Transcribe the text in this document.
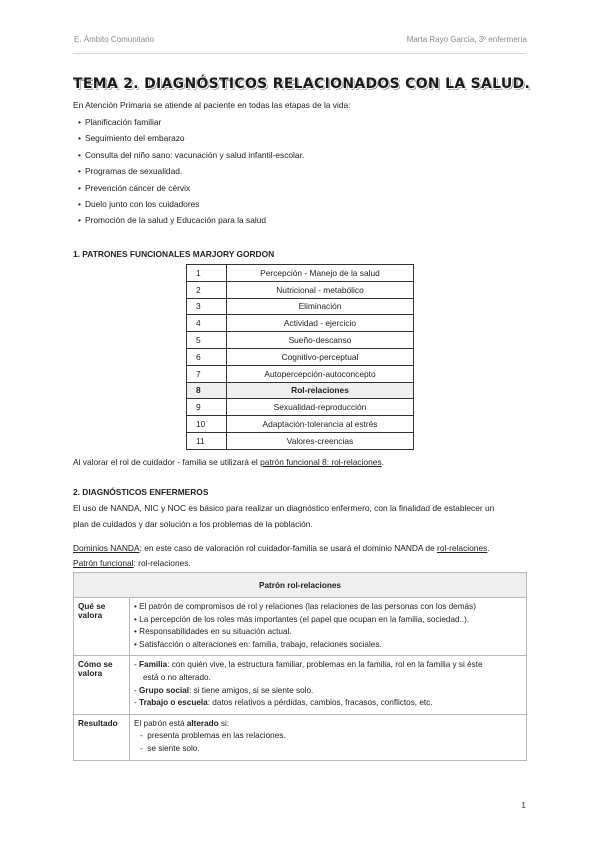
E. Ámbito Comunitario	Marta Rayo García, 3º enfermería
TEMA 2. DIAGNÓSTICOS RELACIONADOS CON LA SALUD.
En Atención Primaria se atiende al paciente en todas las etapas de la vida:
• Planificación familiar
• Seguimiento del embarazo
• Consulta del niño sano: vacunación y salud infantil-escolar.
• Programas de sexualidad.
• Prevención cáncer de cérvix
• Duelo junto con los cuidadores
• Promoción de la salud y Educación para la salud
1. PATRONES FUNCIONALES MARJORY GORDON
1	Percepción - Manejo de la salud
2	Nutricional - metabólico
3	Eliminación
4	Actividad - ejercicio
5	Sueño-descanso
6	Cognitivo-perceptual
7	Autopercepción-autoconcepto
8	Rol-relaciones
9	Sexualidad-reproducción
10	Adaptación-tolerancia al estrés
11	Valores-creencias
Al valorar el rol de cuidador - familia se utilizará el patrón funcional 8: rol-relaciones.
2. DIAGNÓSTICOS ENFERMEROS
El uso de NANDA, NIC y NOC es básico para realizar un diagnóstico enfermero, con la finalidad de establecer un
plan de cuidados y dar solución a los problemas de la población.
Dominios NANDA: en este caso de valoración rol cuidador-familia se usará el dominio NANDA de rol-relaciones.
Patrón funcional: rol-relaciones.
Patrón rol-relaciones	
Qué se valora	• El patrón de compromisos de rol y relaciones (las relaciones de las personas con los demás)
• La percepción de los roles más importantes (el papel que ocupan en la familia, sociedad..).
• Responsabilidades en su situación actual.
• Satisfacción o alteraciones en: familia, trabajo, relaciones sociales.

Cómo se valora	- Familia: con quién vive, la estructura familiar, problemas en la familia, rol en la familia y si éste
está o no alterado.
- Grupo social: si tiene amigos, si se siente solo.
- Trabajo o escuela: datos relativos a pérdidas, cambios, fracasos, conflictos, etc.

Resultado	El patrón está alterado si:
-  presenta problemas en las relaciones.
-  se siente solo.
1
